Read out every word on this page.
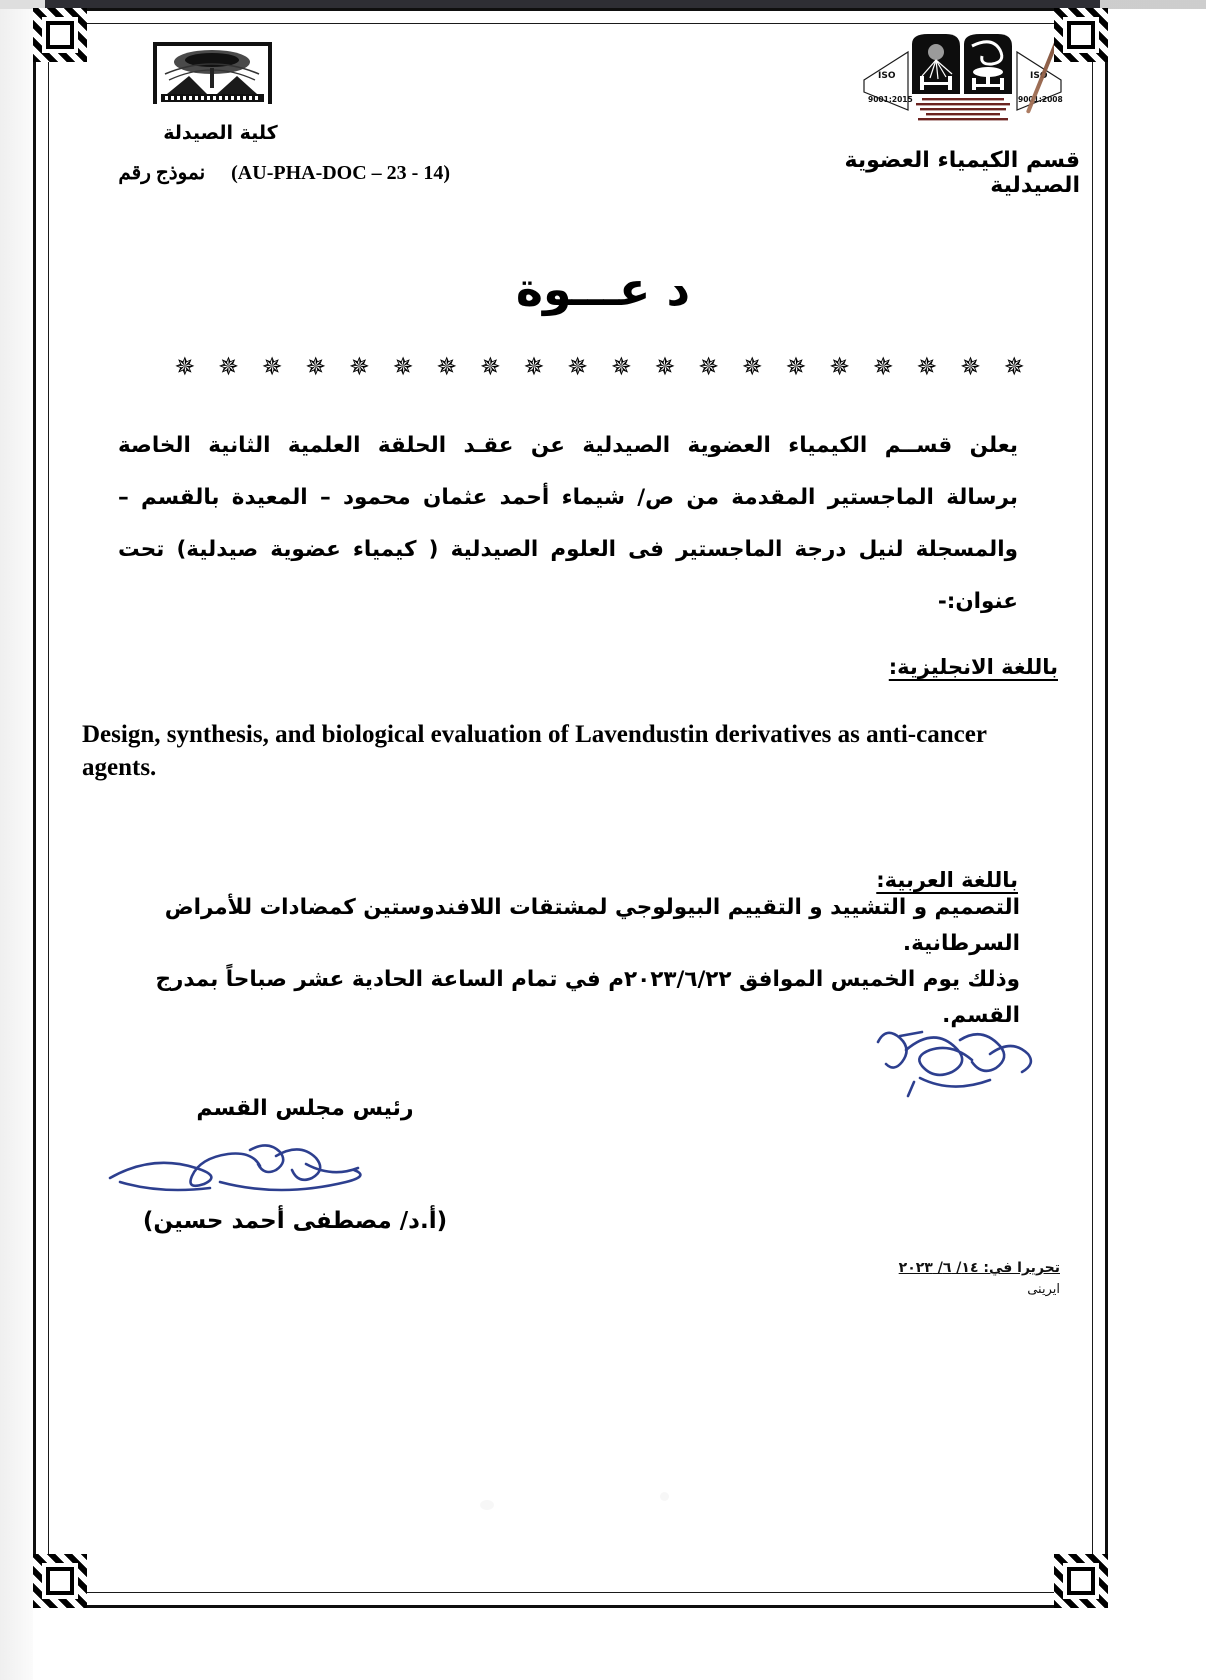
كلية الصيدلة
(AU-PHA-DOC – 23 - 14)نموذج رقم
ISO	ISO
9001:2015	9001:2008
قسم الكيمياء العضوية الصيدلية
د عـــوة
✵ ✵ ✵ ✵ ✵ ✵ ✵ ✵ ✵ ✵ ✵ ✵ ✵ ✵ ✵ ✵ ✵ ✵ ✵ ✵

يعلن قســم الكيمياء العضوية الصيدلية عن عقـد الحلقة العلمية الثانية الخاصة

برسالة الماجستير المقدمة من ص/ شيماء أحمد عثمان محمود – المعيدة بالقسم –

والمسجلة لنيل درجة الماجستير فى العلوم الصيدلية ( كيمياء عضوية صيدلية) تحت

عنوان:-

باللغة الانجليزية:
Design, synthesis, and biological evaluation of Lavendustin derivatives as anti-cancer agents.
باللغة العربية:
التصميم و التشييد و التقييم البيولوجي لمشتقات اللافندوستين كمضادات للأمراض السرطانية.
وذلك يوم الخميس الموافق ٢٠٢٣/٦/٢٢م في تمام الساعة الحادية عشر صباحاً بمدرج القسم.
رئيس مجلس القسم
(أ.د/ مصطفى أحمد حسين)
تحريرا في: ١٤/ ٦/ ٢٠٢٣
ايرينى
